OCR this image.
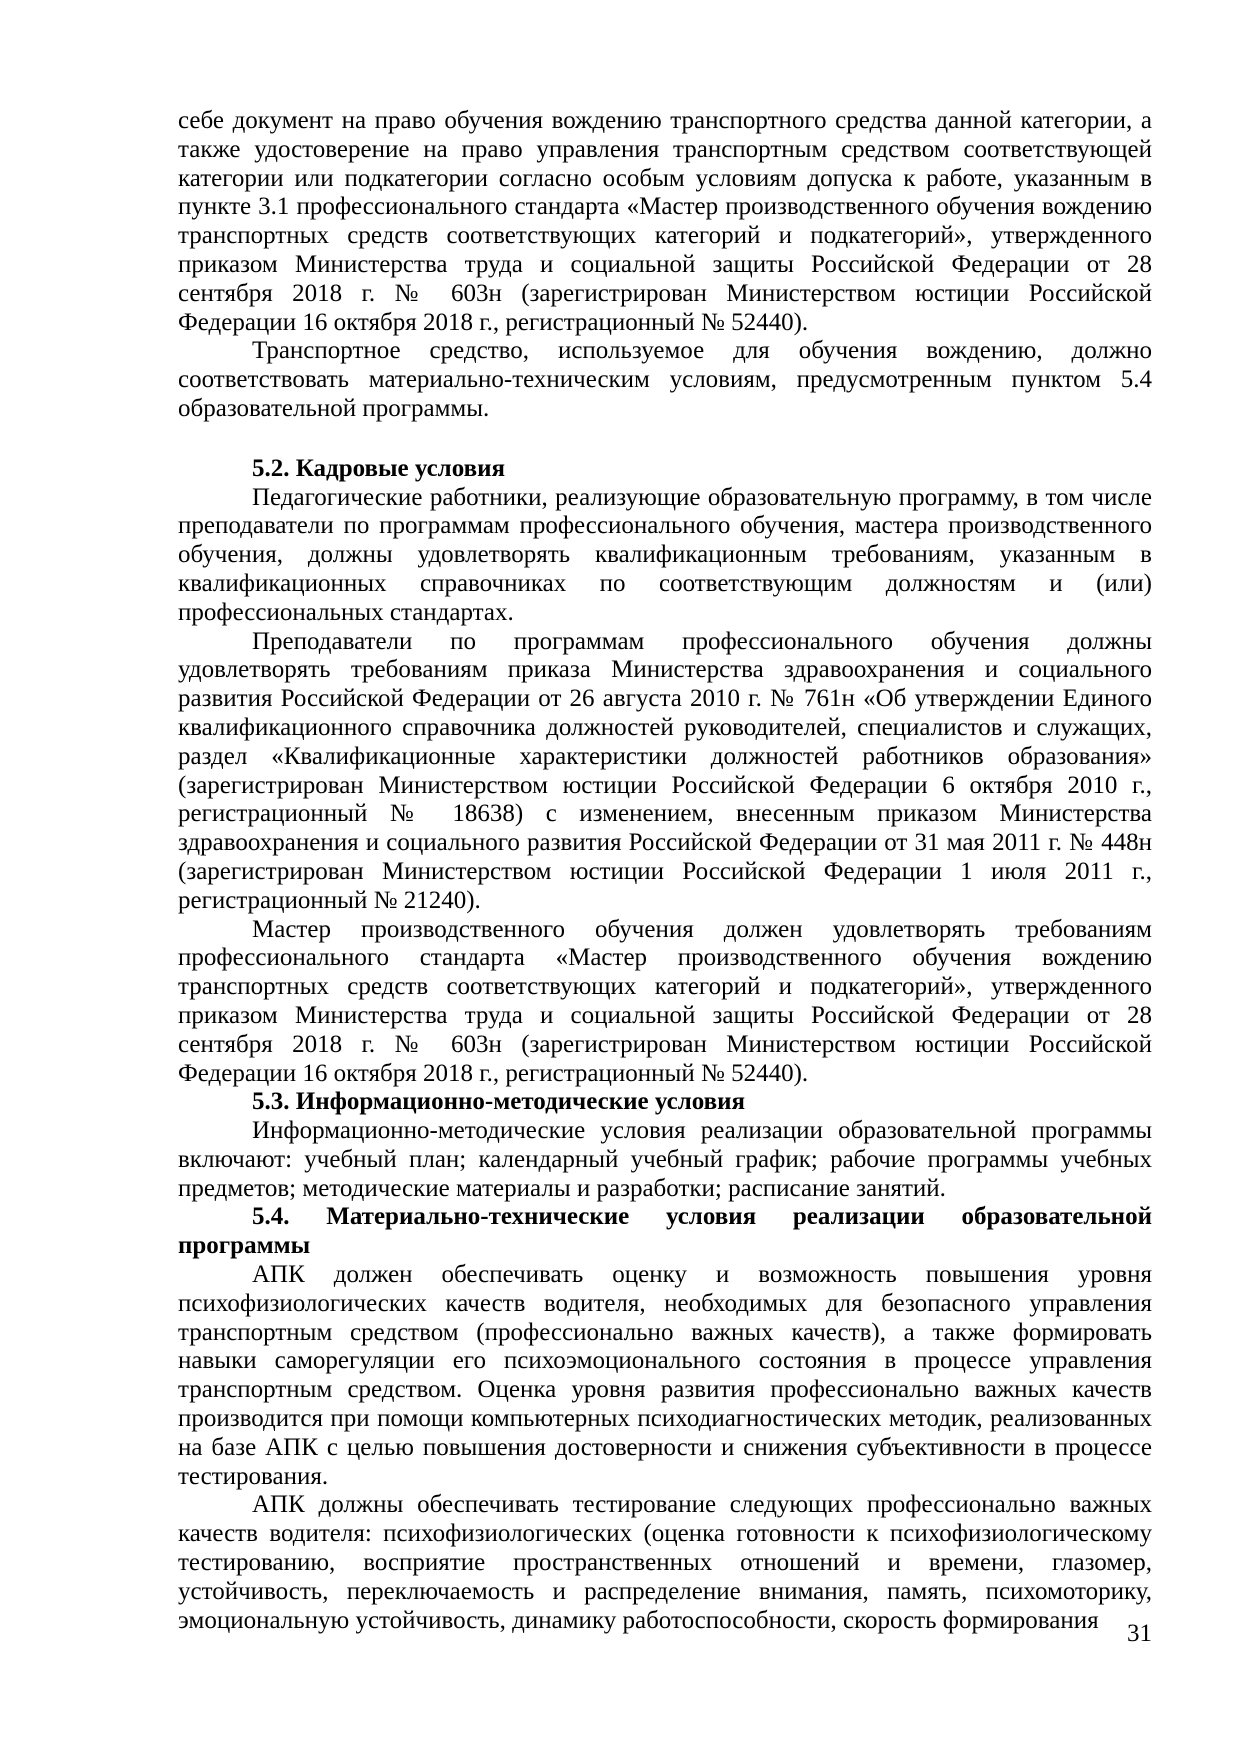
себе документ на право обучения вождению транспортного средства данной категории, а также удостоверение на право управления транспортным средством соответствующей категории или подкатегории согласно особым условиям допуска к работе, указанным в пункте 3.1 профессионального стандарта «Мастер производственного обучения вождению транспортных средств соответствующих категорий и подкатегорий», утвержденного приказом Министерства труда и социальной защиты Российской Федерации от 28 сентября 2018 г. № 603н (зарегистрирован Министерством юстиции Российской Федерации 16 октября 2018 г., регистрационный № 52440).

Транспортное средство, используемое для обучения вождению, должно соответствовать материально-техническим условиям, предусмотренным пунктом 5.4 образовательной программы.

5.2. Кадровые условия

Педагогические работники, реализующие образовательную программу, в том числе преподаватели по программам профессионального обучения, мастера производственного обучения, должны удовлетворять квалификационным требованиям, указанным в квалификационных справочниках по соответствующим должностям и (или) профессиональных стандартах.

Преподаватели по программам профессионального обучения должны удовлетворять требованиям приказа Министерства здравоохранения и социального развития Российской Федерации от 26 августа 2010 г. № 761н «Об утверждении Единого квалификационного справочника должностей руководителей, специалистов и служащих, раздел «Квалификационные характеристики должностей работников образования» (зарегистрирован Министерством юстиции Российской Федерации 6 октября 2010 г., регистрационный № 18638) с изменением, внесенным приказом Министерства здравоохранения и социального развития Российской Федерации от 31 мая 2011 г. № 448н (зарегистрирован Министерством юстиции Российской Федерации 1 июля 2011 г., регистрационный № 21240).

Мастер производственного обучения должен удовлетворять требованиям профессионального стандарта «Мастер производственного обучения вождению транспортных средств соответствующих категорий и подкатегорий», утвержденного приказом Министерства труда и социальной защиты Российской Федерации от 28 сентября 2018 г. № 603н (зарегистрирован Министерством юстиции Российской Федерации 16 октября 2018 г., регистрационный № 52440).

5.3. Информационно-методические условия

Информационно-методические условия реализации образовательной программы включают: учебный план; календарный учебный график; рабочие программы учебных предметов; методические материалы и разработки; расписание занятий.

5.4. Материально-технические условия реализации образовательной
программы

АПК должен обеспечивать оценку и возможность повышения уровня психофизиологических качеств водителя, необходимых для безопасного управления транспортным средством (профессионально важных качеств), а также формировать навыки саморегуляции его психоэмоционального состояния в процессе управления транспортным средством. Оценка уровня развития профессионально важных качеств производится при помощи компьютерных психодиагностических методик, реализованных на базе АПК с целью повышения достоверности и снижения субъективности в процессе тестирования.

АПК должны обеспечивать тестирование следующих профессионально важных качеств водителя: психофизиологических (оценка готовности к психофизиологическому тестированию, восприятие пространственных отношений и времени, глазомер, устойчивость, переключаемость и распределение внимания, память, психомоторику, эмоциональную устойчивость, динамику работоспособности, скорость формирования	31
